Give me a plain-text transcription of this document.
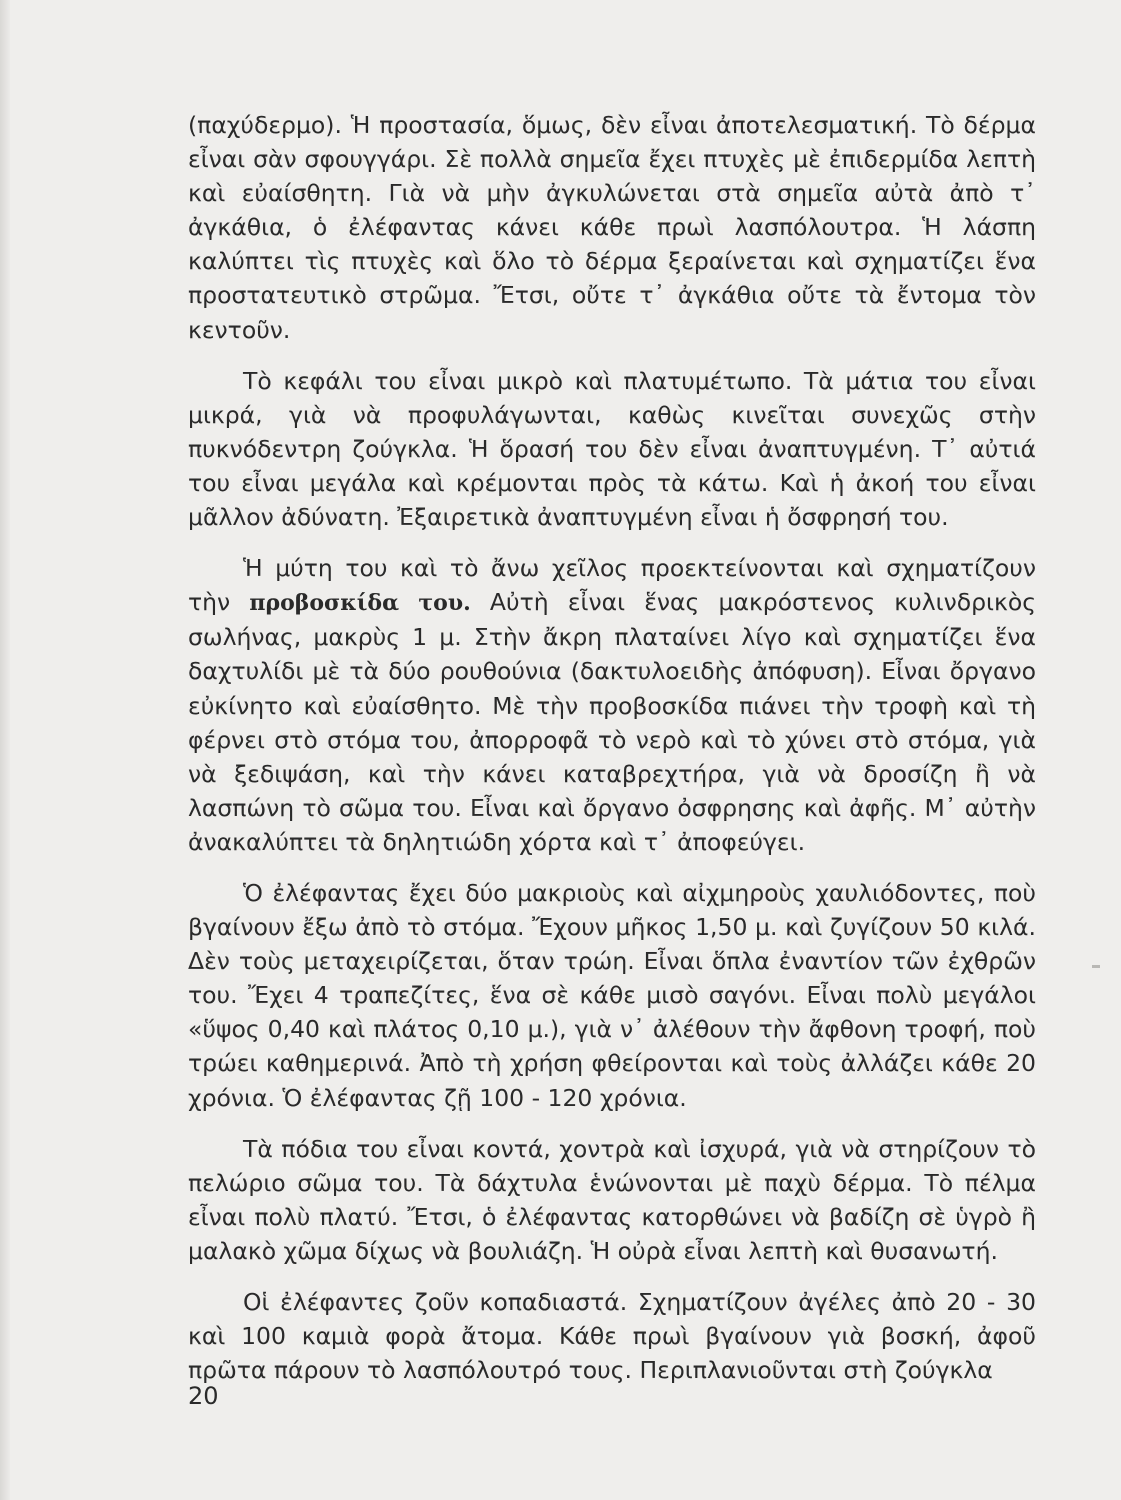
(παχύδερμο). Ἡ προστασία, ὅμως, δὲν εἶναι ἀποτελεσματική. Τὸ δέρμα εἶναι σὰν σφουγγάρι. Σὲ πολλὰ σημεῖα ἔχει πτυχὲς μὲ ἐπιδερμίδα λεπτὴ καὶ εὐαίσθητη. Γιὰ νὰ μὴν ἀγκυλώνεται στὰ σημεῖα αὐτὰ ἀπὸ τ᾽ ἀγκάθια, ὁ ἐλέφαντας κάνει κάθε πρωὶ λασπόλουτρα. Ἡ λάσπη καλύπτει τὶς πτυχὲς καὶ ὅλο τὸ δέρμα ξεραίνεται καὶ σχηματίζει ἕνα προστατευτικὸ στρῶμα. Ἔτσι, οὔτε τ᾽ ἀγκάθια οὔτε τὰ ἔντομα τὸν κεντοῦν.

Τὸ κεφάλι του εἶναι μικρὸ καὶ πλατυμέτωπο. Τὰ μάτια του εἶναι μικρά, γιὰ νὰ προφυλάγωνται, καθὼς κινεῖται συνεχῶς στὴν πυκνόδεντρη ζούγκλα. Ἡ ὅρασή του δὲν εἶναι ἀναπτυγμένη. Τ᾽ αὐτιά του εἶναι μεγάλα καὶ κρέμονται πρὸς τὰ κάτω. Καὶ ἡ ἀκοή του εἶναι μᾶλλον ἀδύνατη. Ἐξαιρετικὰ ἀναπτυγμένη εἶναι ἡ ὄσφρησή του.

Ἡ μύτη του καὶ τὸ ἄνω χεῖλος προεκτείνονται καὶ σχηματίζουν τὴν προβοσκίδα του. Αὐτὴ εἶναι ἕνας μακρόστενος κυλινδρικὸς σωλήνας, μακρὺς 1 μ. Στὴν ἄκρη πλαταίνει λίγο καὶ σχηματίζει ἕνα δαχτυλίδι μὲ τὰ δύο ρουθούνια (δακτυλοειδὴς ἀπόφυση). Εἶναι ὄργανο εὐκίνητο καὶ εὐαίσθητο. Μὲ τὴν προβοσκίδα πιάνει τὴν τροφὴ καὶ τὴ φέρνει στὸ στόμα του, ἀπορροφᾶ τὸ νερὸ καὶ τὸ χύνει στὸ στόμα, γιὰ νὰ ξεδιψάση, καὶ τὴν κάνει καταβρεχτήρα, γιὰ νὰ δροσίζη ἢ νὰ λασπώνη τὸ σῶμα του. Εἶναι καὶ ὄργανο ὀσφρησης καὶ ἀφῆς. Μ᾽ αὐτὴν ἀνακαλύπτει τὰ δηλητιώδη χόρτα καὶ τ᾽ ἀποφεύγει.

Ὁ ἐλέφαντας ἔχει δύο μακριοὺς καὶ αἰχμηροὺς χαυλιόδοντες, ποὺ βγαίνουν ἔξω ἀπὸ τὸ στόμα. Ἔχουν μῆκος 1,50 μ. καὶ ζυγίζουν 50 κιλά. Δὲν τοὺς μεταχειρίζεται, ὅταν τρώη. Εἶναι ὅπλα ἐναντίον τῶν ἐχθρῶν του. Ἔχει 4 τραπεζίτες, ἕνα σὲ κάθε μισὸ σαγόνι. Εἶναι πολὺ μεγάλοι «ὕψος 0,40 καὶ πλάτος 0,10 μ.), γιὰ ν᾽ ἀλέθουν τὴν ἄφθονη τροφή, ποὺ τρώει καθημερινά. Ἀπὸ τὴ χρήση φθείρονται καὶ τοὺς ἀλλάζει κάθε 20 χρόνια. Ὁ ἐλέφαντας ζῇ 100 - 120 χρόνια.

Τὰ πόδια του εἶναι κοντά, χοντρὰ καὶ ἰσχυρά, γιὰ νὰ στηρίζουν τὸ πελώριο σῶμα του. Τὰ δάχτυλα ἑνώνονται μὲ παχὺ δέρμα. Τὸ πέλμα εἶναι πολὺ πλατύ. Ἔτσι, ὁ ἐλέφαντας κατορθώνει νὰ βαδίζη σὲ ὑγρὸ ἢ μαλακὸ χῶμα δίχως νὰ βουλιάζη. Ἡ οὐρὰ εἶναι λεπτὴ καὶ θυσανωτή.

Οἱ ἐλέφαντες ζοῦν κοπαδιαστά. Σχηματίζουν ἀγέλες ἀπὸ 20 - 30 καὶ 100 καμιὰ φορὰ ἄτομα. Κάθε πρωὶ βγαίνουν γιὰ βοσκή, ἀφοῦ πρῶτα πάρουν τὸ λασπόλουτρό τους. Περιπλανιοῦνται στὴ ζούγκλα

20
